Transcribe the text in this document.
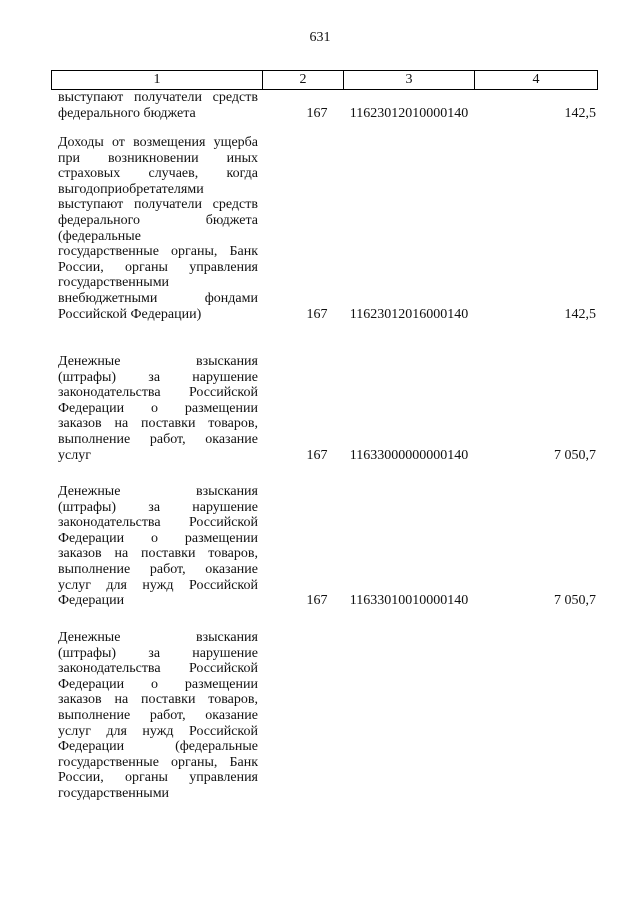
631
1	2	3	4
выступают получатели средств
федерального бюджета	167	11623012010000140	142,5
Доходы от возмещения ущерба
при возникновении иных
страховых случаев, когда
выгодоприобретателями
выступают получатели средств
федерального бюджета
(федеральные
государственные органы, Банк
России, органы управления
государственными
внебюджетными фондами
Российской Федерации)	167	11623012016000140	142,5
Денежные взыскания
(штрафы) за нарушение
законодательства Российской
Федерации о размещении
заказов на поставки товаров,
выполнение работ, оказание
услуг	167	11633000000000140	7 050,7
Денежные взыскания
(штрафы) за нарушение
законодательства Российской
Федерации о размещении
заказов на поставки товаров,
выполнение работ, оказание
услуг для нужд Российской
Федерации	167	11633010010000140	7 050,7
Денежные взыскания
(штрафы) за нарушение
законодательства Российской
Федерации о размещении
заказов на поставки товаров,
выполнение работ, оказание
услуг для нужд Российской
Федерации (федеральные
государственные органы, Банк
России, органы управления
государственными
